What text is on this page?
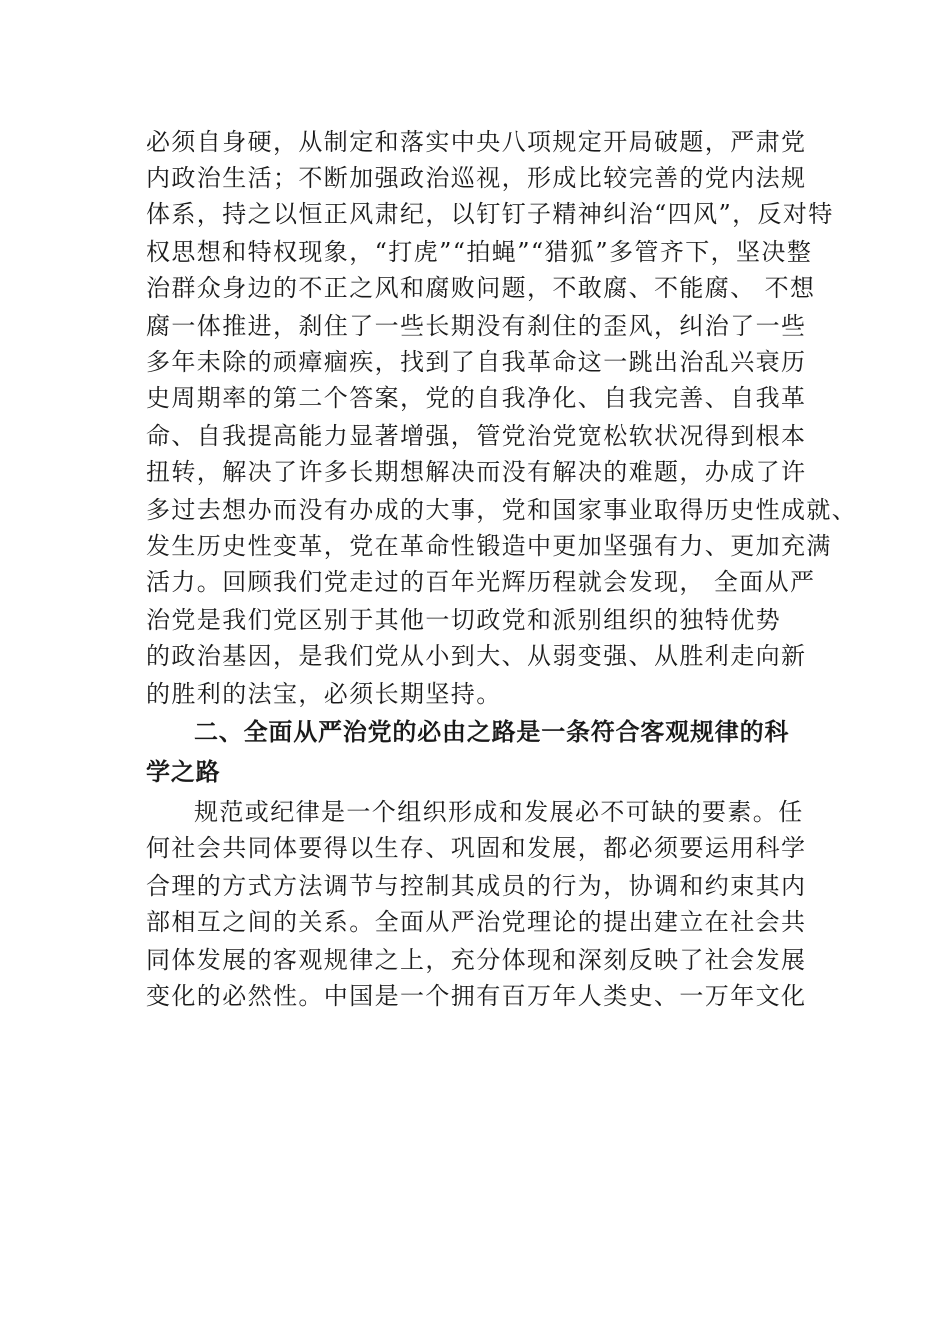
必须自身硬，从制定和落实中央八项规定开局破题，严肃党
内政治生活；不断加强政治巡视，形成比较完善的党内法规
体系，持之以恒正风肃纪，以钉钉子精神纠治“四风”，反对特
权思想和特权现象，“打虎”“拍蝇”“猎狐”多管齐下，坚决整
治群众身边的不正之风和腐败问题，不敢腐、不能腐、 不想
腐一体推进，刹住了一些长期没有刹住的歪风，纠治了一些
多年未除的顽瘴痼疾，找到了自我革命这一跳出治乱兴衰历
史周期率的第二个答案，党的自我净化、自我完善、自我革
命、自我提高能力显著增强，管党治党宽松软状况得到根本
扭转，解决了许多长期想解决而没有解决的难题，办成了许
多过去想办而没有办成的大事，党和国家事业取得历史性成就、
发生历史性变革，党在革命性锻造中更加坚强有力、更加充满
活力。回顾我们党走过的百年光辉历程就会发现， 全面从严
治党是我们党区别于其他一切政党和派别组织的独特优势
的政治基因，是我们党从小到大、从弱变强、从胜利走向新
的胜利的法宝，必须长期坚持。
二、全面从严治党的必由之路是一条符合客观规律的科
学之路
规范或纪律是一个组织形成和发展必不可缺的要素。任
何社会共同体要得以生存、巩固和发展，都必须要运用科学
合理的方式方法调节与控制其成员的行为，协调和约束其内
部相互之间的关系。全面从严治党理论的提出建立在社会共
同体发展的客观规律之上，充分体现和深刻反映了社会发展
变化的必然性。中国是一个拥有百万年人类史、一万年文化
